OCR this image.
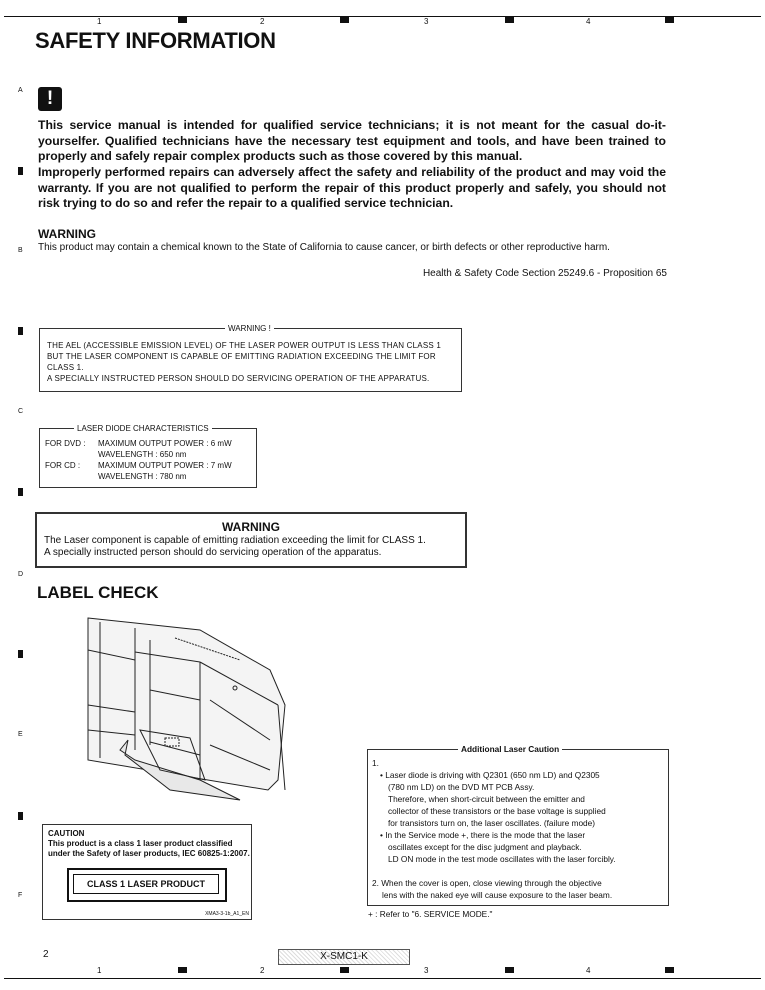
1	2	3	4
A
B
C
D
E
F
SAFETY INFORMATION
!
This service manual is intended for qualified service technicians; it is not meant for the casual do-it-yourselfer. Qualified technicians have the necessary test equipment and tools, and have been trained to properly and safely repair complex products such as those covered by this manual.
Improperly performed repairs can adversely affect the safety and reliability of the product and may void the warranty. If you are not qualified to perform the repair of this product properly and safely, you should not risk trying to do so and refer the repair to a qualified service technician.
WARNING
This product may contain a chemical known to the State of California to cause cancer, or birth defects or other reproductive harm.
Health & Safety Code Section 25249.6 - Proposition 65
WARNING !
THE AEL (ACCESSIBLE EMISSION LEVEL) OF THE LASER POWER OUTPUT IS LESS THAN CLASS 1
BUT THE LASER COMPONENT IS CAPABLE OF EMITTING RADIATION EXCEEDING THE LIMIT FOR
CLASS 1.
A SPECIALLY INSTRUCTED PERSON SHOULD DO SERVICING OPERATION OF THE APPARATUS.
LASER DIODE CHARACTERISTICS
FOR DVD : MAXIMUM OUTPUT POWER : 6 mW
WAVELENGTH : 650 nm
FOR CD : MAXIMUM OUTPUT POWER : 7 mW
WAVELENGTH : 780 nm
WARNING
The Laser component is capable of emitting radiation exceeding the limit for CLASS 1.
A specially instructed person should do servicing operation of the apparatus.
LABEL CHECK
CAUTION
This product is a class 1 laser product classified
under the Safety of laser products, IEC 60825-1:2007.
CLASS 1 LASER PRODUCT
XMA3-3-1b_A1_EN
Additional Laser Caution
1.
• Laser diode is driving with Q2301 (650 nm LD) and Q2305
(780 nm LD) on the DVD MT PCB Assy.
Therefore, when short-circuit between the emitter and
collector of these transistors or the base voltage is supplied
for transistors turn on, the laser oscillates. (failure mode)
• In the Service mode +, there is the mode that the laser
oscillates except for the disc judgment and playback.
LD ON mode in the test mode oscillates with the laser forcibly.
2. When the cover is open, close viewing through the objective
lens with the naked eye will cause exposure to the laser beam.
+ : Refer to "6. SERVICE MODE."
2	X-SMC1-K
1	2	3	4
